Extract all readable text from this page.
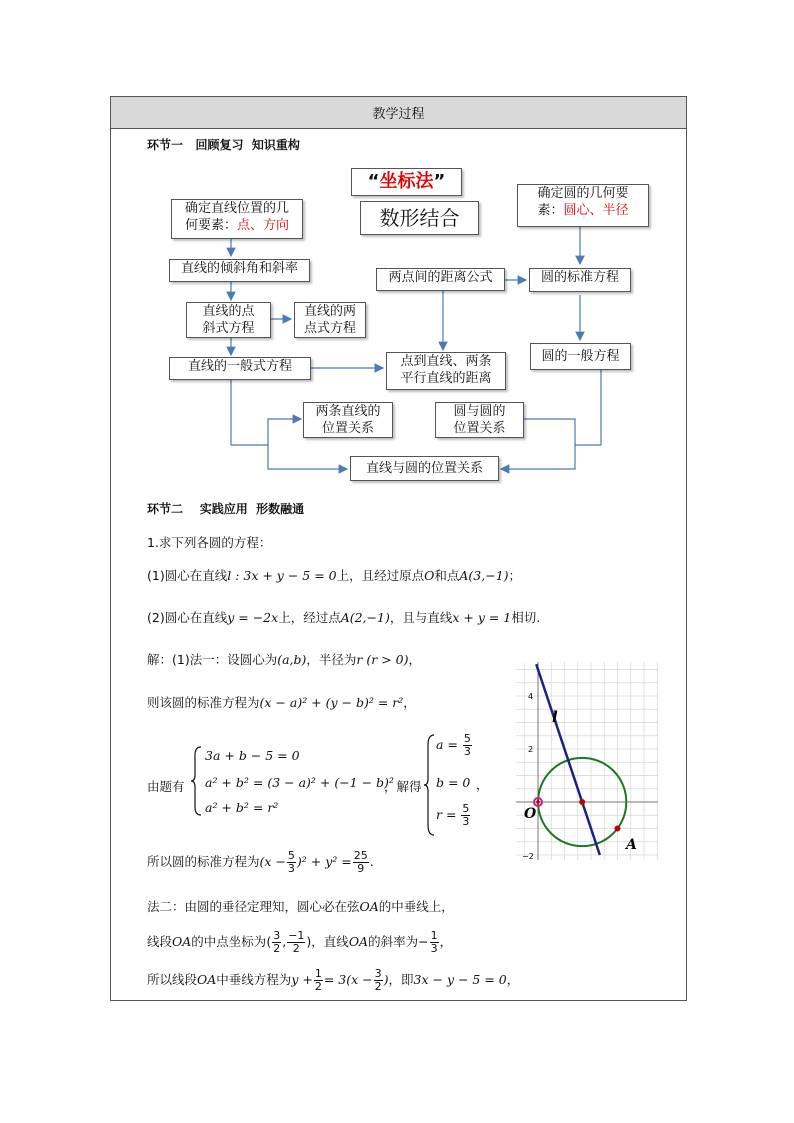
教学过程
环节一   回顾复习  知识重构
“坐标法”
数形结合
确定直线位置的几
何要素：点、方向
确定圆的几何要
素：圆心、半径
直线的倾斜角和斜率
直线的点
斜式方程
直线的两
点式方程
直线的一般式方程
两点间的距离公式	圆的标准方程
点到直线、两条
平行直线的距离
圆的一般方程
两条直线的
位置关系
圆与圆的
位置关系
直线与圆的位置关系
环节二    实践应用  形数融通
1.求下列各圆的方程：
(1)圆心在直线l : 3x + y − 5 = 0上，且经过原点O和点A(3,−1)；
(2)圆心在直线y = −2x上，经过点A(2,−1)，且与直线x + y = 1相切.
解：(1)法一：设圆心为(a,b)，半径为r (r > 0)，
则该圆的标准方程为(x − a)² + (y − b)² = r²，
由题有
3a + b − 5 = 0
a² + b² = (3 − a)² + (−1 − b)²
a² + b² = r²
，解得
$a = \frac{5}{3}$
b = 0 ，
$r = \frac{5}{3}$
所以圆的标准方程为$(x - \frac{5}{3} )^2 + y^2 = \frac{25}{9}$ .
法二：由圆的垂径定理知，圆心必在弦OA的中垂线上，
线段OA的中点坐标为( $\frac{3}{2}$ , $\frac{-1}{2}$ )，直线OA的斜率为− $\frac{1}{3}$ ，
所以线段OA中垂线方程为$y + \frac{1}{2} = 3(x - \frac{3}{2}$ )，即3x − y − 5 = 0，
4
2
−2
l
O
A
